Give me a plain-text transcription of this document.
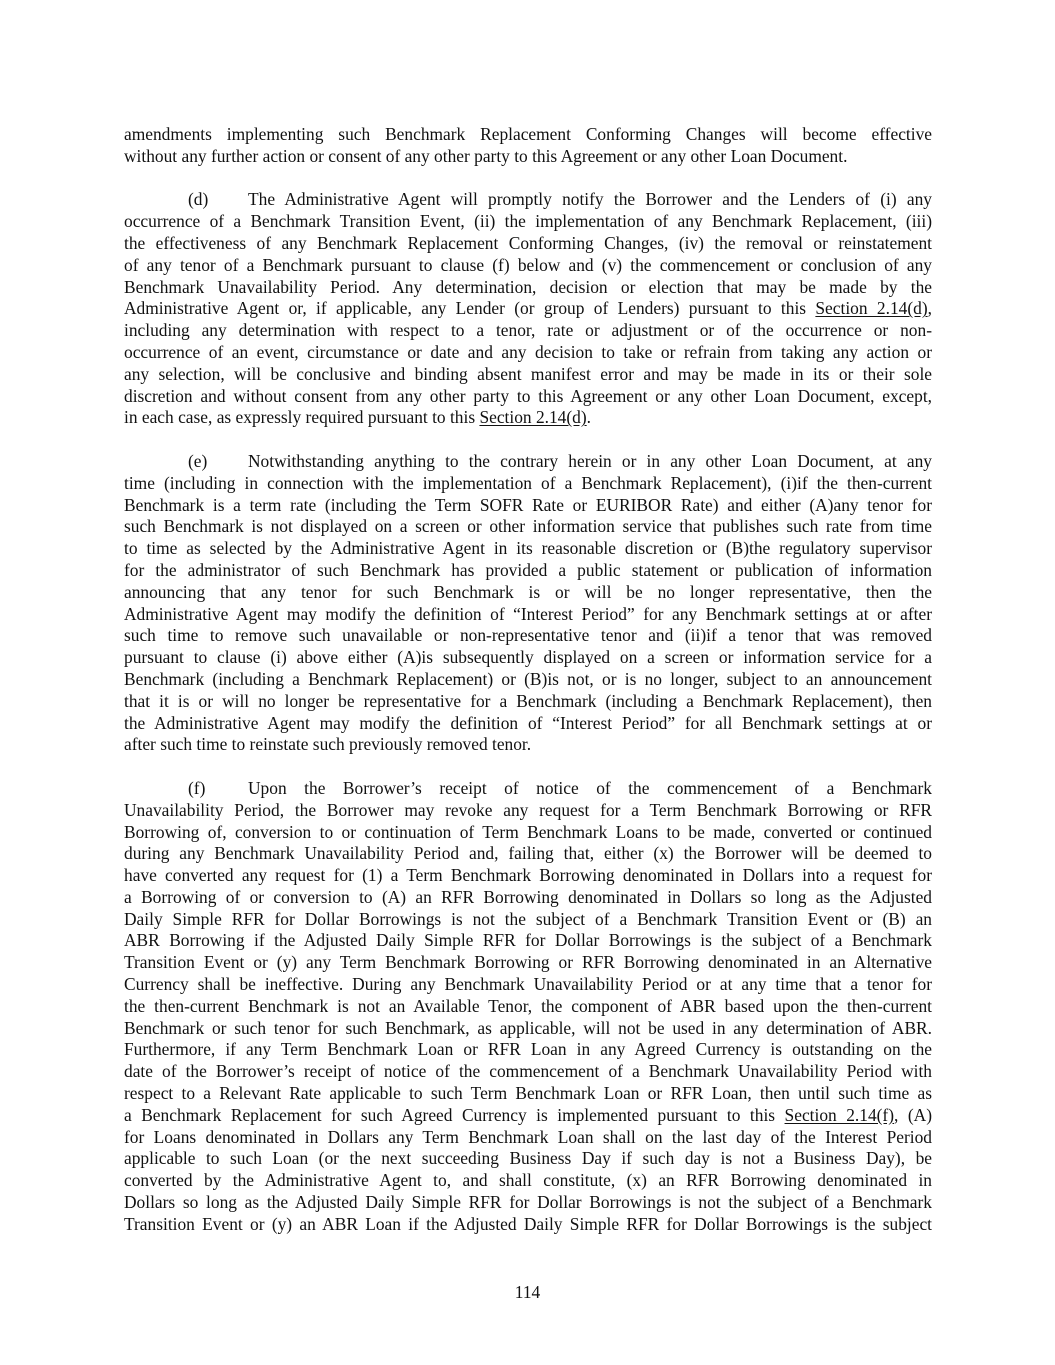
amendments implementing such Benchmark Replacement Conforming Changes will become effective
without any further action or consent of any other party to this Agreement or any other Loan Document.
(d)	The Administrative Agent will promptly notify the Borrower and the Lenders of (i) any
occurrence of a Benchmark Transition Event, (ii) the implementation of any Benchmark Replacement, (iii)
the effectiveness of any Benchmark Replacement Conforming Changes, (iv) the removal or reinstatement
of any tenor of a Benchmark pursuant to clause (f) below and (v) the commencement or conclusion of any
Benchmark Unavailability Period. Any determination, decision or election that may be made by the
Administrative Agent or, if applicable, any Lender (or group of Lenders) pursuant to this Section 2.14(d),
including any determination with respect to a tenor, rate or adjustment or of the occurrence or non-
occurrence of an event, circumstance or date and any decision to take or refrain from taking any action or
any selection, will be conclusive and binding absent manifest error and may be made in its or their sole
discretion and without consent from any other party to this Agreement or any other Loan Document, except,
in each case, as expressly required pursuant to this Section 2.14(d).
(e)	Notwithstanding anything to the contrary herein or in any other Loan Document, at any
time (including in connection with the implementation of a Benchmark Replacement), (i)if the then-current
Benchmark is a term rate (including the Term SOFR Rate or EURIBOR Rate) and either (A)any tenor for
such Benchmark is not displayed on a screen or other information service that publishes such rate from time
to time as selected by the Administrative Agent in its reasonable discretion or (B)the regulatory supervisor
for the administrator of such Benchmark has provided a public statement or publication of information
announcing that any tenor for such Benchmark is or will be no longer representative, then the
Administrative Agent may modify the definition of “Interest Period” for any Benchmark settings at or after
such time to remove such unavailable or non-representative tenor and (ii)if a tenor that was removed
pursuant to clause (i) above either (A)is subsequently displayed on a screen or information service for a
Benchmark (including a Benchmark Replacement) or (B)is not, or is no longer, subject to an announcement
that it is or will no longer be representative for a Benchmark (including a Benchmark Replacement), then
the Administrative Agent may modify the definition of “Interest Period” for all Benchmark settings at or
after such time to reinstate such previously removed tenor.
(f)	Upon the Borrower’s receipt of notice of the commencement of a Benchmark
Unavailability Period, the Borrower may revoke any request for a Term Benchmark Borrowing or RFR
Borrowing of, conversion to or continuation of Term Benchmark Loans to be made, converted or continued
during any Benchmark Unavailability Period and, failing that, either (x) the Borrower will be deemed to
have converted any request for (1) a Term Benchmark Borrowing denominated in Dollars into a request for
a Borrowing of or conversion to (A) an RFR Borrowing denominated in Dollars so long as the Adjusted
Daily Simple RFR for Dollar Borrowings is not the subject of a Benchmark Transition Event or (B) an
ABR Borrowing if the Adjusted Daily Simple RFR for Dollar Borrowings is the subject of a Benchmark
Transition Event or (y) any Term Benchmark Borrowing or RFR Borrowing denominated in an Alternative
Currency shall be ineffective. During any Benchmark Unavailability Period or at any time that a tenor for
the then-current Benchmark is not an Available Tenor, the component of ABR based upon the then-current
Benchmark or such tenor for such Benchmark, as applicable, will not be used in any determination of ABR.
Furthermore, if any Term Benchmark Loan or RFR Loan in any Agreed Currency is outstanding on the
date of the Borrower’s receipt of notice of the commencement of a Benchmark Unavailability Period with
respect to a Relevant Rate applicable to such Term Benchmark Loan or RFR Loan, then until such time as
a Benchmark Replacement for such Agreed Currency is implemented pursuant to this Section 2.14(f), (A)
for Loans denominated in Dollars any Term Benchmark Loan shall on the last day of the Interest Period
applicable to such Loan (or the next succeeding Business Day if such day is not a Business Day), be
converted by the Administrative Agent to, and shall constitute, (x) an RFR Borrowing denominated in
Dollars so long as the Adjusted Daily Simple RFR for Dollar Borrowings is not the subject of a Benchmark
Transition Event or (y) an ABR Loan if the Adjusted Daily Simple RFR for Dollar Borrowings is the subject
114
